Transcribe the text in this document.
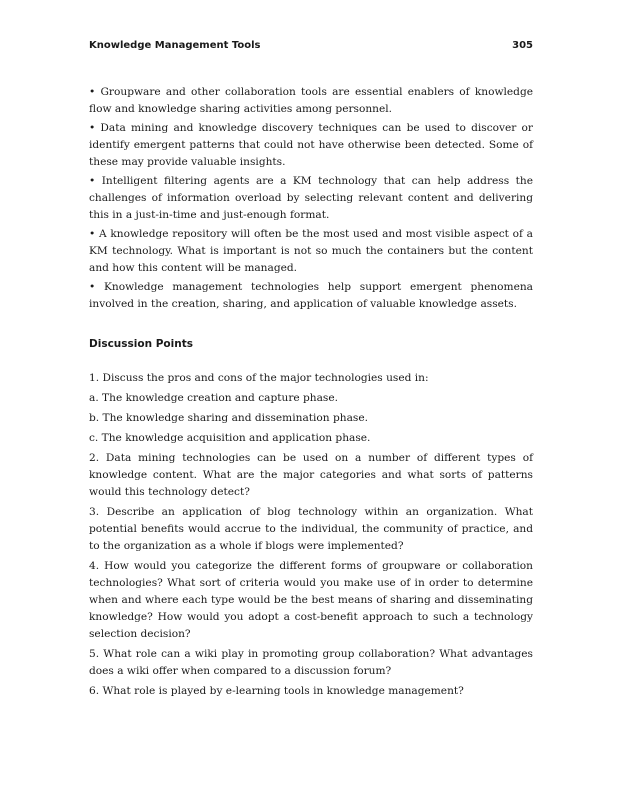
Knowledge Management Tools	305

• Groupware and other collaboration tools are essential enablers of knowledge flow and knowledge sharing activities among personnel.

• Data mining and knowledge discovery techniques can be used to discover or identify emergent patterns that could not have otherwise been detected. Some of these may provide valuable insights.

• Intelligent filtering agents are a KM technology that can help address the challenges of information overload by selecting relevant content and delivering this in a just-in-time and just-enough format.

• A knowledge repository will often be the most used and most visible aspect of a KM technology. What is important is not so much the containers but the content and how this content will be managed.

• Knowledge management technologies help support emergent phenomena involved in the creation, sharing, and application of valuable knowledge assets.

Discussion Points

1. Discuss the pros and cons of the major technologies used in:

a. The knowledge creation and capture phase.

b. The knowledge sharing and dissemination phase.

c. The knowledge acquisition and application phase.

2. Data mining technologies can be used on a number of different types of knowledge content. What are the major categories and what sorts of patterns would this technology detect?

3. Describe an application of blog technology within an organization. What potential benefits would accrue to the individual, the community of practice, and to the organization as a whole if blogs were implemented?

4. How would you categorize the different forms of groupware or collaboration technologies? What sort of criteria would you make use of in order to determine when and where each type would be the best means of sharing and disseminating knowledge? How would you adopt a cost-benefit approach to such a technology selection decision?

5. What role can a wiki play in promoting group collaboration? What advantages does a wiki offer when compared to a discussion forum?

6. What role is played by e-learning tools in knowledge management?
